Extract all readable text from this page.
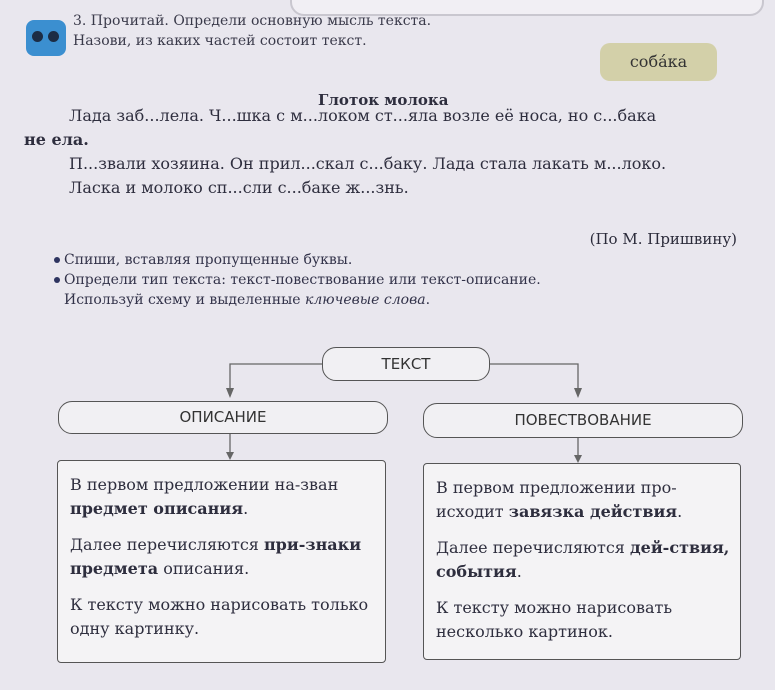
3. Прочитай. Определи основную мысль текста.
Назови, из каких частей состоит текст.
собáка
Глоток молока

Лада заб...лела. Ч...шка с м...локом ст...яла возле её носа, но с...бака

не ела.

П...звали хозяина. Он прил...скал с...баку. Лада стала лакать м...локо.

Ласка и молоко сп...сли с...баке ж...знь.

(По М. Пришвину)
Спиши, вставляя пропущенные буквы.
Определи тип текста: текст-повествование или текст-описание.
Используй схему и выделенные ключевые слова.
ТЕКСТ
ОПИСАНИЕ	ПОВЕСТВОВАНИЕ

В первом предложении на-зван предмет описания.

Далее перечисляются при-знаки предмета описания.

К тексту можно нарисовать только одну картинку.

В первом предложении про-исходит завязка действия.

Далее перечисляются дей-ствия, события.

К тексту можно нарисовать несколько картинок.
